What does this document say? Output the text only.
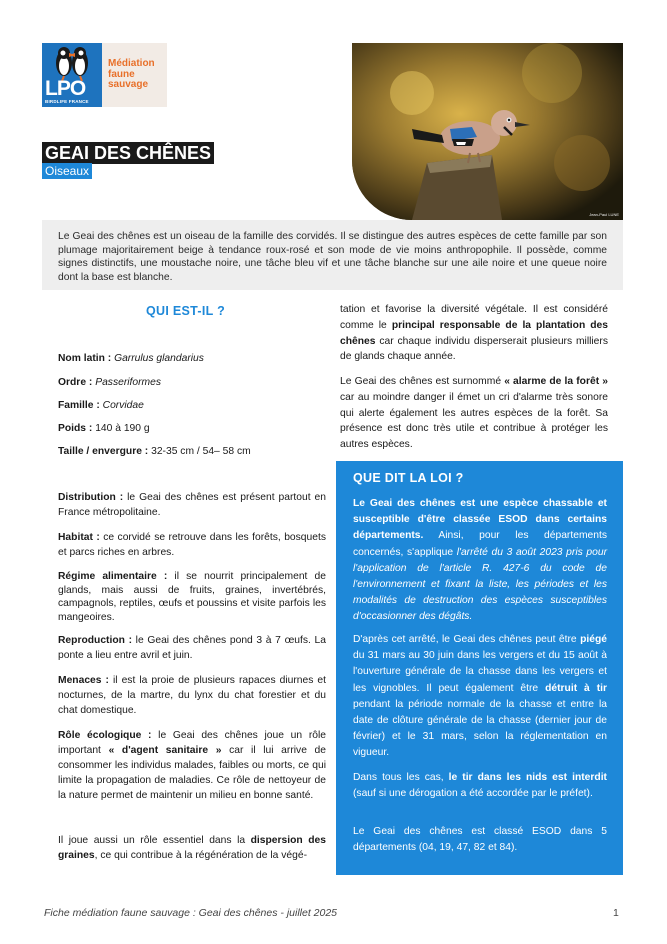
LPO
BIRDLIFE FRANCE
Médiation
faune
sauvage
GEAI DES CHÊNES
Oiseaux
Jean-Paul LUNE
Le Geai des chênes est un oiseau de la famille des corvidés. Il se distingue des autres espèces de cette famille par son plumage majoritairement beige à tendance roux-rosé et son mode de vie moins anthropophile. Il possède, comme signes distinctifs, une moustache noire, une tâche bleu vif et une tâche blanche sur une aile noire et une queue noire dont la base est blanche.
QUI EST-IL ?
Nom latin : Garrulus glandarius
Ordre : Passeriformes
Famille : Corvidae
Poids : 140 à 190 g
Taille / envergure : 32-35 cm / 54– 58 cm
Distribution : le Geai des chênes est présent partout en France métropolitaine.
Habitat : ce corvidé se retrouve dans les forêts, bosquets et parcs riches en arbres.
Régime alimentaire : il se nourrit principalement de glands, mais aussi de fruits, graines, invertébrés, campagnols, reptiles, œufs et poussins et visite parfois les mangeoires.
Reproduction : le Geai des chênes pond 3 à 7 œufs. La ponte a lieu entre avril et juin.
Menaces : il est la proie de plusieurs rapaces diurnes et nocturnes, de la martre, du lynx du chat forestier et du chat domestique.
Rôle écologique : le Geai des chênes joue un rôle important « d'agent sanitaire » car il lui arrive de consommer les individus malades, faibles ou morts, ce qui limite la propagation de maladies. Ce rôle de nettoyeur de la nature permet de maintenir un milieu en bonne santé.
Il joue aussi un rôle essentiel dans la dispersion des graines, ce qui contribue à la régénération de la végé-
tation et favorise la diversité végétale. Il est considéré comme le principal responsable de la plantation des chênes car chaque individu disperserait plusieurs milliers de glands chaque année.
Le Geai des chênes est surnommé « alarme de la forêt » car au moindre danger il émet un cri d'alarme très sonore qui alerte également les autres espèces de la forêt. Sa présence est donc très utile et contribue à protéger les autres espèces.
QUE DIT LA LOI ?
Le Geai des chênes est une espèce chassable et susceptible d'être classée ESOD dans certains départements. Ainsi, pour les départements concernés, s'applique l'arrêté du 3 août 2023 pris pour l'application de l'article R. 427-6 du code de l'environnement et fixant la liste, les périodes et les modalités de destruction des espèces susceptibles d'occasionner des dégâts.
D'après cet arrêté, le Geai des chênes peut être piégé du 31 mars au 30 juin dans les vergers et du 15 août à l'ouverture générale de la chasse dans les vergers et les vignobles. Il peut également être détruit à tir pendant la période normale de la chasse et entre la date de clôture générale de la chasse (dernier jour de février) et le 31 mars, selon la réglementation en vigueur.
Dans tous les cas, le tir dans les nids est interdit (sauf si une dérogation a été accordée par le préfet).
Le Geai des chênes est classé ESOD dans 5 départements (04, 19, 47, 82 et 84).
Fiche médiation faune sauvage : Geai des chênes - juillet 2025	1
